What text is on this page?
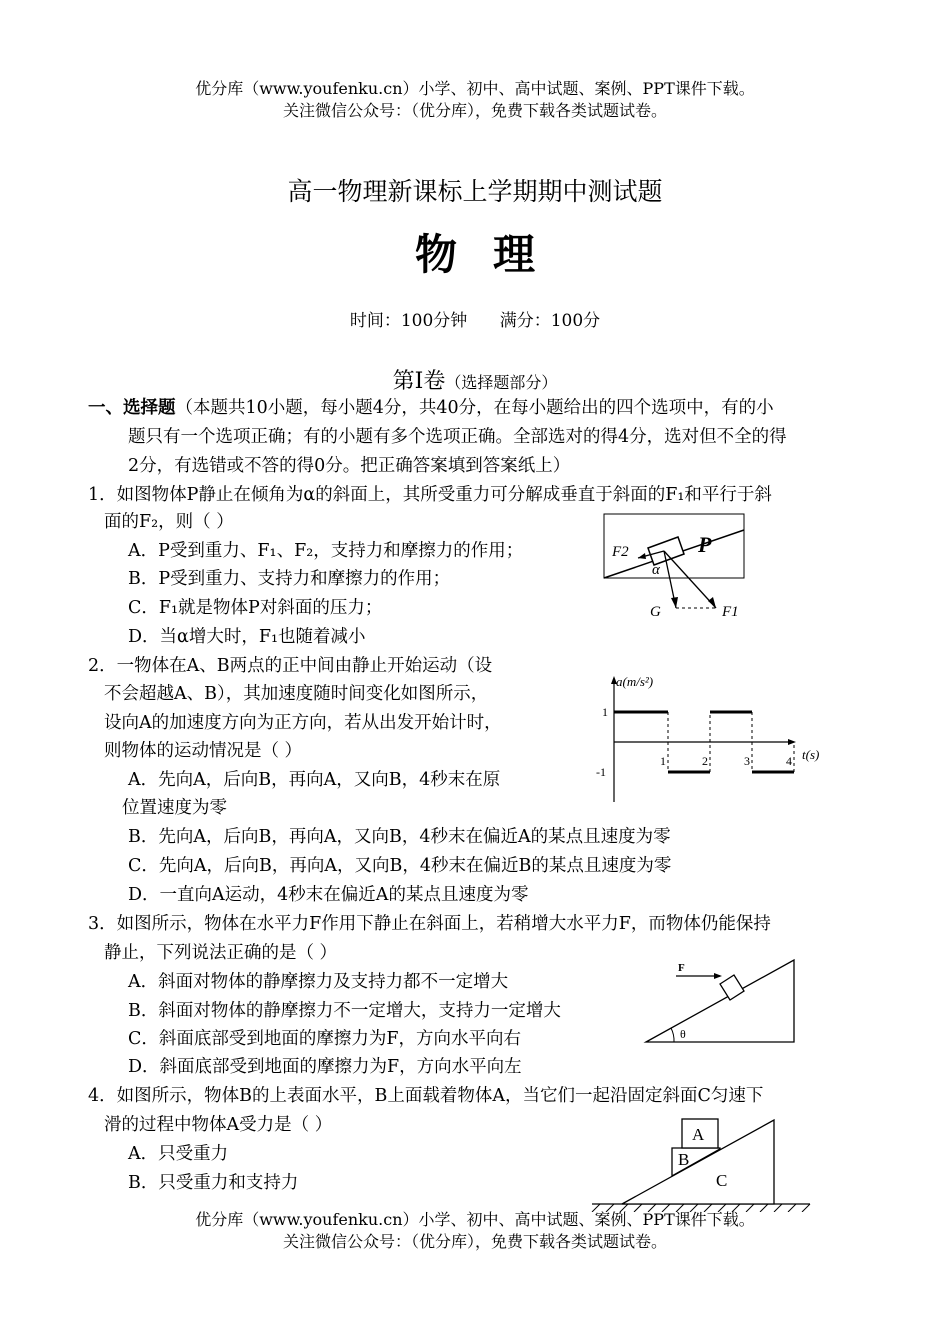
优分库（www.youfenku.cn）小学、初中、高中试题、案例、PPT课件下载。
关注微信公众号：（优分库），免费下载各类试题试卷。
高一物理新课标上学期期中测试题
物理
时间：100分钟      满分：100分
第Ⅰ卷（选择题部分）
一、选择题（本题共10小题，每小题4分，共40分，在每小题给出的四个选项中，有的小
题只有一个选项正确；有的小题有多个选项正确。全部选对的得4分，选对但不全的得
2分，有选错或不答的得0分。把正确答案填到答案纸上）
1．如图物体P静止在倾角为α的斜面上，其所受重力可分解成垂直于斜面的F₁和平行于斜
面的F₂，则（ ）
A．P受到重力、F₁、F₂，支持力和摩擦力的作用；
B．P受到重力、支持力和摩擦力的作用；
C．F₁就是物体P对斜面的压力；
D．当α增大时，F₁也随着减小
P
F2
α
G	F1
2．一物体在A、B两点的正中间由静止开始运动（设
不会超越A、B），其加速度随时间变化如图所示，
设向A的加速度方向为正方向，若从出发开始计时，
则物体的运动情况是（ ）
A．先向A，后向B，再向A，又向B，4秒末在原
位置速度为零
B．先向A，后向B，再向A，又向B，4秒末在偏近A的某点且速度为零
C．先向A，后向B，再向A，又向B，4秒末在偏近B的某点且速度为零
D．一直向A运动，4秒末在偏近A的某点且速度为零
a(m/s²)
t(s)
1	2	3	4
1
-1
3．如图所示，物体在水平力F作用下静止在斜面上，若稍增大水平力F，而物体仍能保持
静止，下列说法正确的是（ ）
A．斜面对物体的静摩擦力及支持力都不一定增大
B．斜面对物体的静摩擦力不一定增大，支持力一定增大
C．斜面底部受到地面的摩擦力为F，方向水平向右
D．斜面底部受到地面的摩擦力为F，方向水平向左
F
θ
4．如图所示，物体B的上表面水平，B上面载着物体A，当它们一起沿固定斜面C匀速下
滑的过程中物体A受力是（ ）
A．只受重力
B．只受重力和支持力
A
B
C
优分库（www.youfenku.cn）小学、初中、高中试题、案例、PPT课件下载。
关注微信公众号：（优分库），免费下载各类试题试卷。
